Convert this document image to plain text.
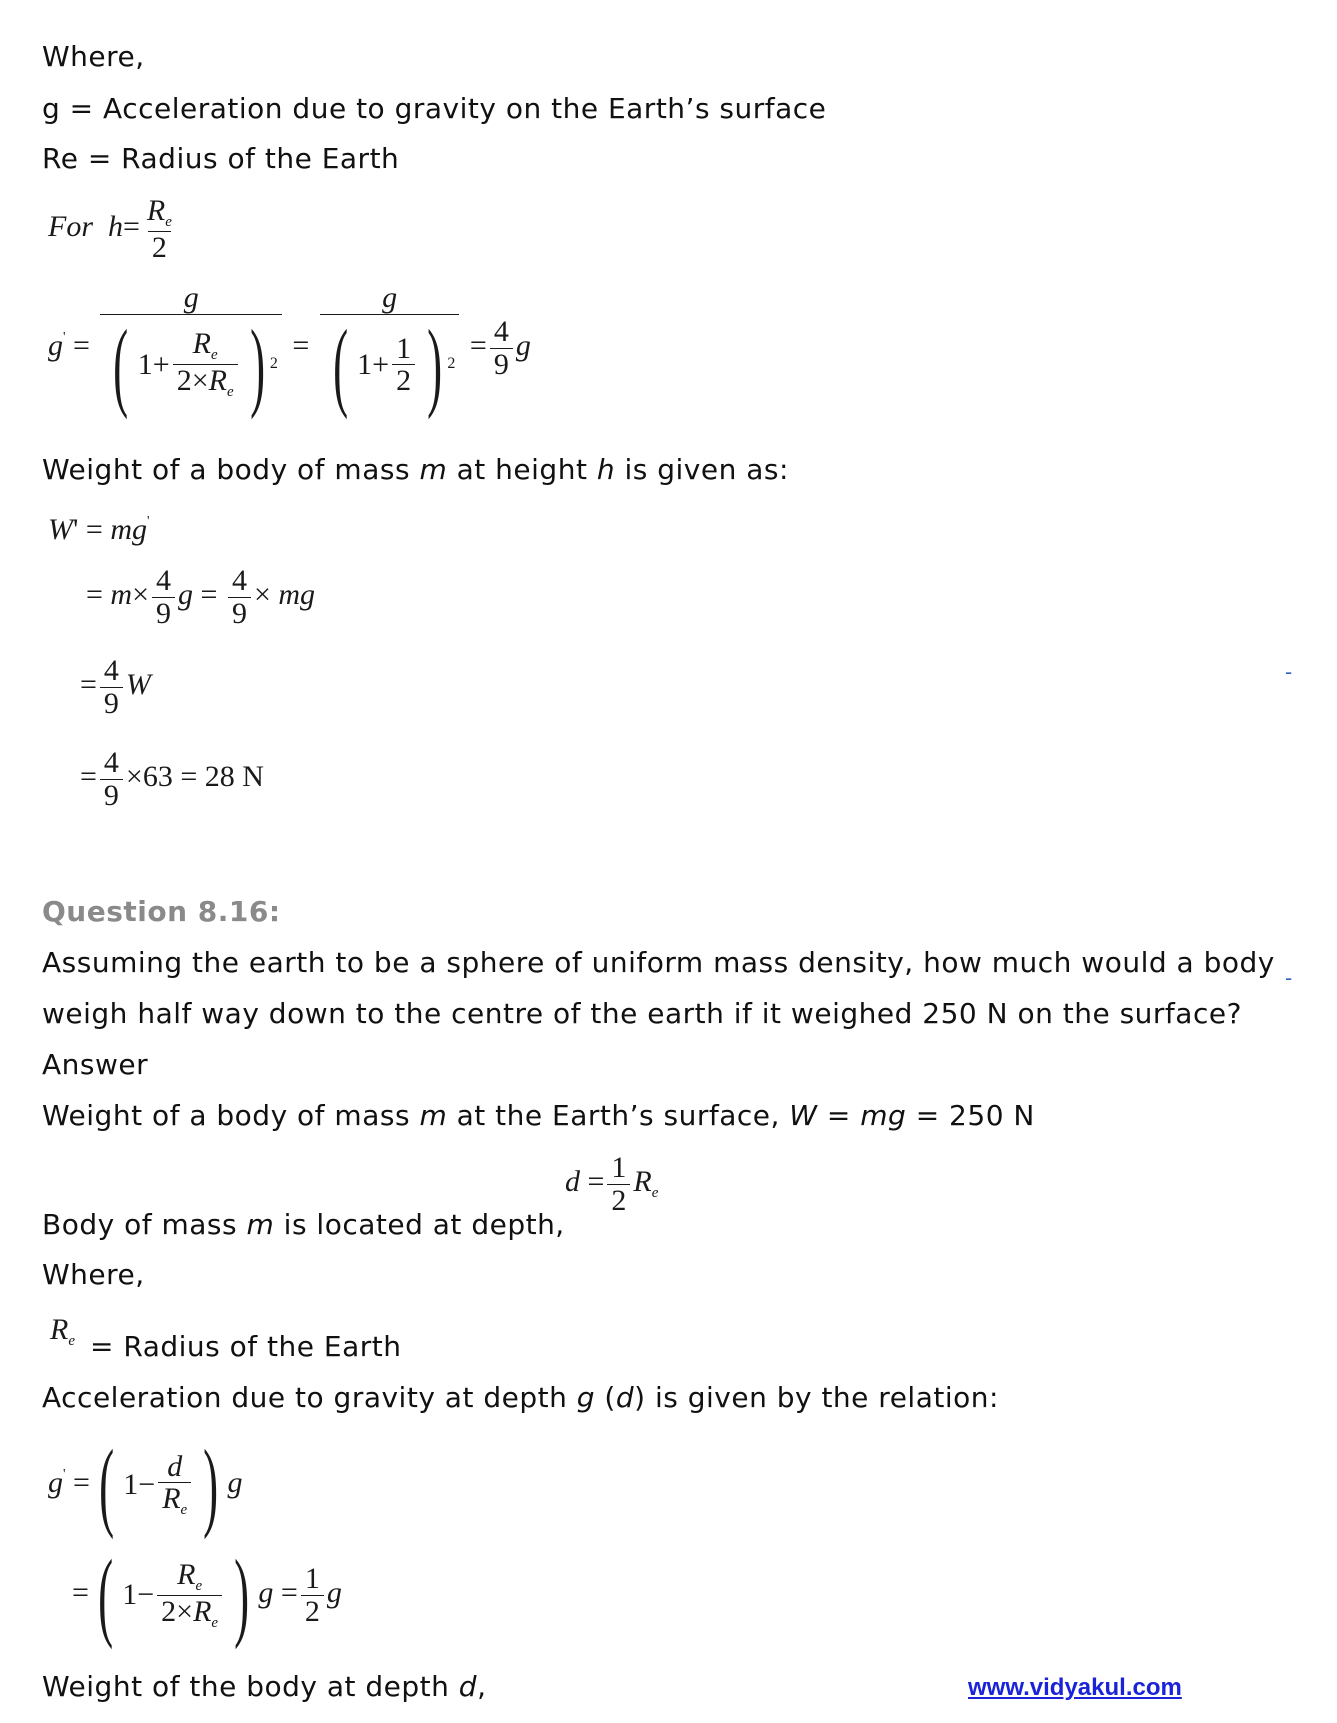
Where,
g = Acceleration due to gravity on the Earth’s surface
Re = Radius of the Earth
For  $h= \frac{R_e}{2}$
$g' = \frac{g}{( 1+ \frac{R_e}{2\times R_e} ) 2} = \frac{g}{( 1+ \frac{1}{2} ) 2} = \frac{4}{9}$ g
Weight of a body of mass m at height h is given as:
W' = mg'
= $m\times \frac{4}{9}$ $g = \frac{4}{9}$ × mg
= $\frac{4}{9}$ W
= $\frac{4}{9} \times 63 = 28$ N
-
Question 8.16:
Assuming the earth to be a sphere of uniform mass density, how much would a body -
weigh half way down to the centre of the earth if it weighed 250 N on the surface?
Answer
Weight of a body of mass m at the Earth’s surface, W = mg = 250 N
$d = \frac{1}{2} R_e$
Body of mass m is located at depth,
Where,
$R_e$ = Radius of the Earth
Acceleration due to gravity at depth g (d) is given by the relation:
g' = ( $1- \frac{d}{R_e}$ ) g
= ( $1- \frac{R_e}{2\times R_e}$ ) $g = \frac{1}{2}$ g
Weight of the body at depth d,	www.vidyakul.com
